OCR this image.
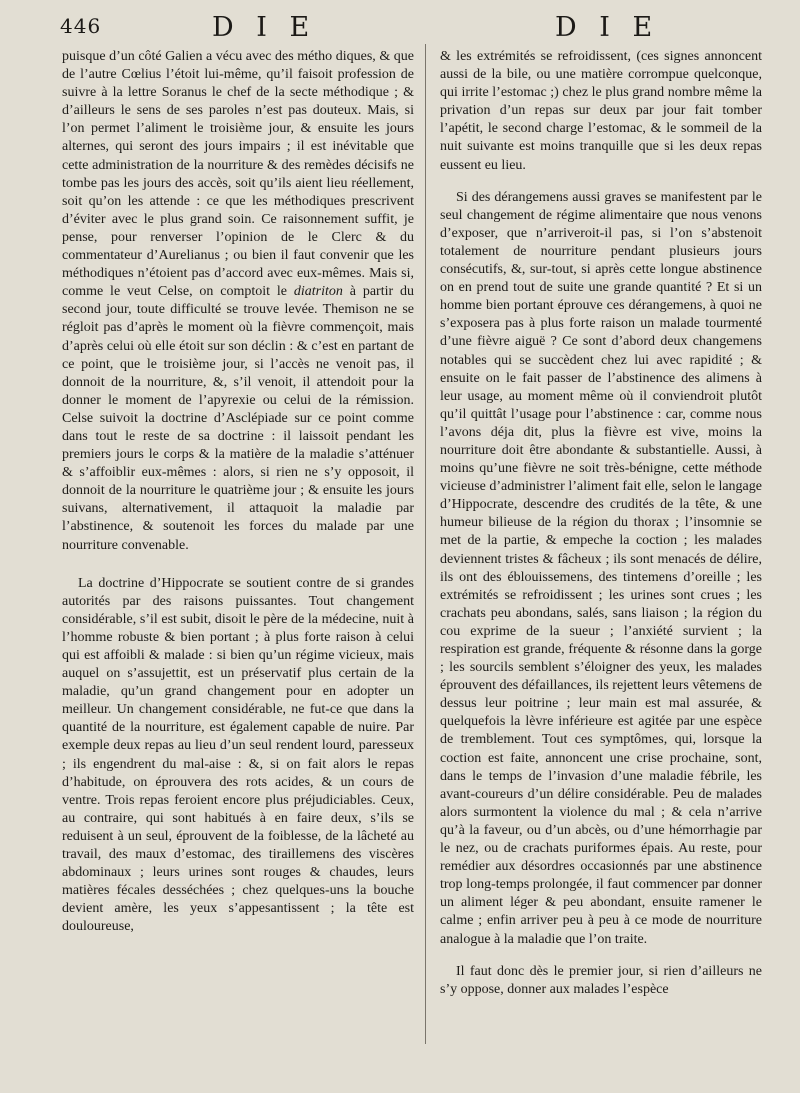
446	D I E	D I E

puisque d’un côté Galien a vécu avec des métho diques, & que de l’autre Cœlius l’étoit lui-même, qu’il faisoit profession de suivre à la lettre Soranus le chef de la secte méthodique ; & d’ailleurs le sens de ses paroles n’est pas douteux. Mais, si l’on permet l’aliment le troisième jour, & ensuite les jours alternes, qui seront des jours impairs ; il est inévitable que cette administration de la nourriture & des remèdes décisifs ne tombe pas les jours des accès, soit qu’ils aient lieu réellement, soit qu’on les attende : ce que les méthodiques prescrivent d’éviter avec le plus grand soin. Ce raisonnement suffit, je pense, pour renverser l’opinion de le Clerc & du commentateur d’Aurelianus ; ou bien il faut convenir que les méthodiques n’étoient pas d’accord avec eux-mêmes. Mais si, comme le veut Celse, on comptoit le diatriton à partir du second jour, toute difficulté se trouve levée. Themison ne se régloit pas d’après le moment où la fièvre commençoit, mais d’après celui où elle étoit sur son déclin : & c’est en partant de ce point, que le troisième jour, si l’accès ne venoit pas, il donnoit de la nourriture, &, s’il venoit, il attendoit pour la donner le moment de l’apyrexie ou celui de la rémission. Celse suivoit la doctrine d’Asclépiade sur ce point comme dans tout le reste de sa doctrine : il laissoit pendant les premiers jours le corps & la matière de la maladie s’atténuer & s’affoiblir eux-mêmes : alors, si rien ne s’y opposoit, il donnoit de la nourriture le quatrième jour ; & ensuite les jours suivans, alternativement, il attaquoit la maladie par l’abstinence, & soutenoit les forces du malade par une nourriture convenable.

La doctrine d’Hippocrate se soutient contre de si grandes autorités par des raisons puissantes. Tout changement considérable, s’il est subit, disoit le père de la médecine, nuit à l’homme robuste & bien portant ; à plus forte raison à celui qui est affoibli & malade : si bien qu’un régime vicieux, mais auquel on s’assujettit, est un préservatif plus certain de la maladie, qu’un grand changement pour en adopter un meilleur. Un changement considérable, ne fut-ce que dans la quantité de la nourriture, est également capable de nuire. Par exemple deux repas au lieu d’un seul rendent lourd, paresseux ; ils engendrent du mal-aise : &, si on fait alors le repas d’habitude, on éprouvera des rots acides, & un cours de ventre. Trois repas feroient encore plus préjudiciables. Ceux, au contraire, qui sont habitués à en faire deux, s’ils se reduisent à un seul, éprouvent de la foiblesse, de la lâcheté au travail, des maux d’estomac, des tiraillemens des viscères abdominaux ; leurs urines sont rouges & chaudes, leurs matières fécales desséchées ; chez quelques-uns la bouche devient amère, les yeux s’appesantissent ; la tête est douloureuse,

& les extrémités se refroidissent, (ces signes annoncent aussi de la bile, ou une matière corrompue quelconque, qui irrite l’estomac ;) chez le plus grand nombre même la privation d’un repas sur deux par jour fait tomber l’apétit, le second charge l’estomac, & le sommeil de la nuit suivante est moins tranquille que si les deux repas eussent eu lieu.

Si des dérangemens aussi graves se manifestent par le seul changement de régime alimentaire que nous venons d’exposer, que n’arriveroit-il pas, si l’on s’abstenoit totalement de nourriture pendant plusieurs jours consécutifs, &, sur-tout, si après cette longue abstinence on en prend tout de suite une grande quantité ? Et si un homme bien portant éprouve ces dérangemens, à quoi ne s’exposera pas à plus forte raison un malade tourmenté d’une fièvre aiguë ? Ce sont d’abord deux changemens notables qui se succèdent chez lui avec rapidité ; & ensuite on le fait passer de l’abstinence des alimens à leur usage, au moment même où il conviendroit plutôt qu’il quittât l’usage pour l’abstinence : car, comme nous l’avons déja dit, plus la fièvre est vive, moins la nourriture doit être abondante & substantielle. Aussi, à moins qu’une fièvre ne soit très-bénigne, cette méthode vicieuse d’administrer l’aliment fait elle, selon le langage d’Hippocrate, descendre des crudités de la tête, & une humeur bilieuse de la région du thorax ; l’insomnie se met de la partie, & empeche la coction ; les malades deviennent tristes & fâcheux ; ils sont menacés de délire, ils ont des éblouissemens, des tintemens d’oreille ; les extrémités se refroidissent ; les urines sont crues ; les crachats peu abondans, salés, sans liaison ; la région du cou exprime de la sueur ; l’anxiété survient ; la respiration est grande, fréquente & résonne dans la gorge ; les sourcils semblent s’éloigner des yeux, les malades éprouvent des défaillances, ils rejettent leurs vêtemens de dessus leur poitrine ; leur main est mal assurée, & quelquefois la lèvre inférieure est agitée par une espèce de tremblement. Tout ces symptômes, qui, lorsque la coction est faite, annoncent une crise prochaine, sont, dans le temps de l’invasion d’une maladie fébrile, les avant-coureurs d’un délire considérable. Peu de malades alors surmontent la violence du mal ; & cela n’arrive qu’à la faveur, ou d’un abcès, ou d’une hémorrhagie par le nez, ou de crachats puriformes épais. Au reste, pour remédier aux désordres occasionnés par une abstinence trop long-temps prolongée, il faut commencer par donner un aliment léger & peu abondant, ensuite ramener le calme ; enfin arriver peu à peu à ce mode de nourriture analogue à la maladie que l’on traite.

Il faut donc dès le premier jour, si rien d’ailleurs ne s’y oppose, donner aux malades l’espèce
